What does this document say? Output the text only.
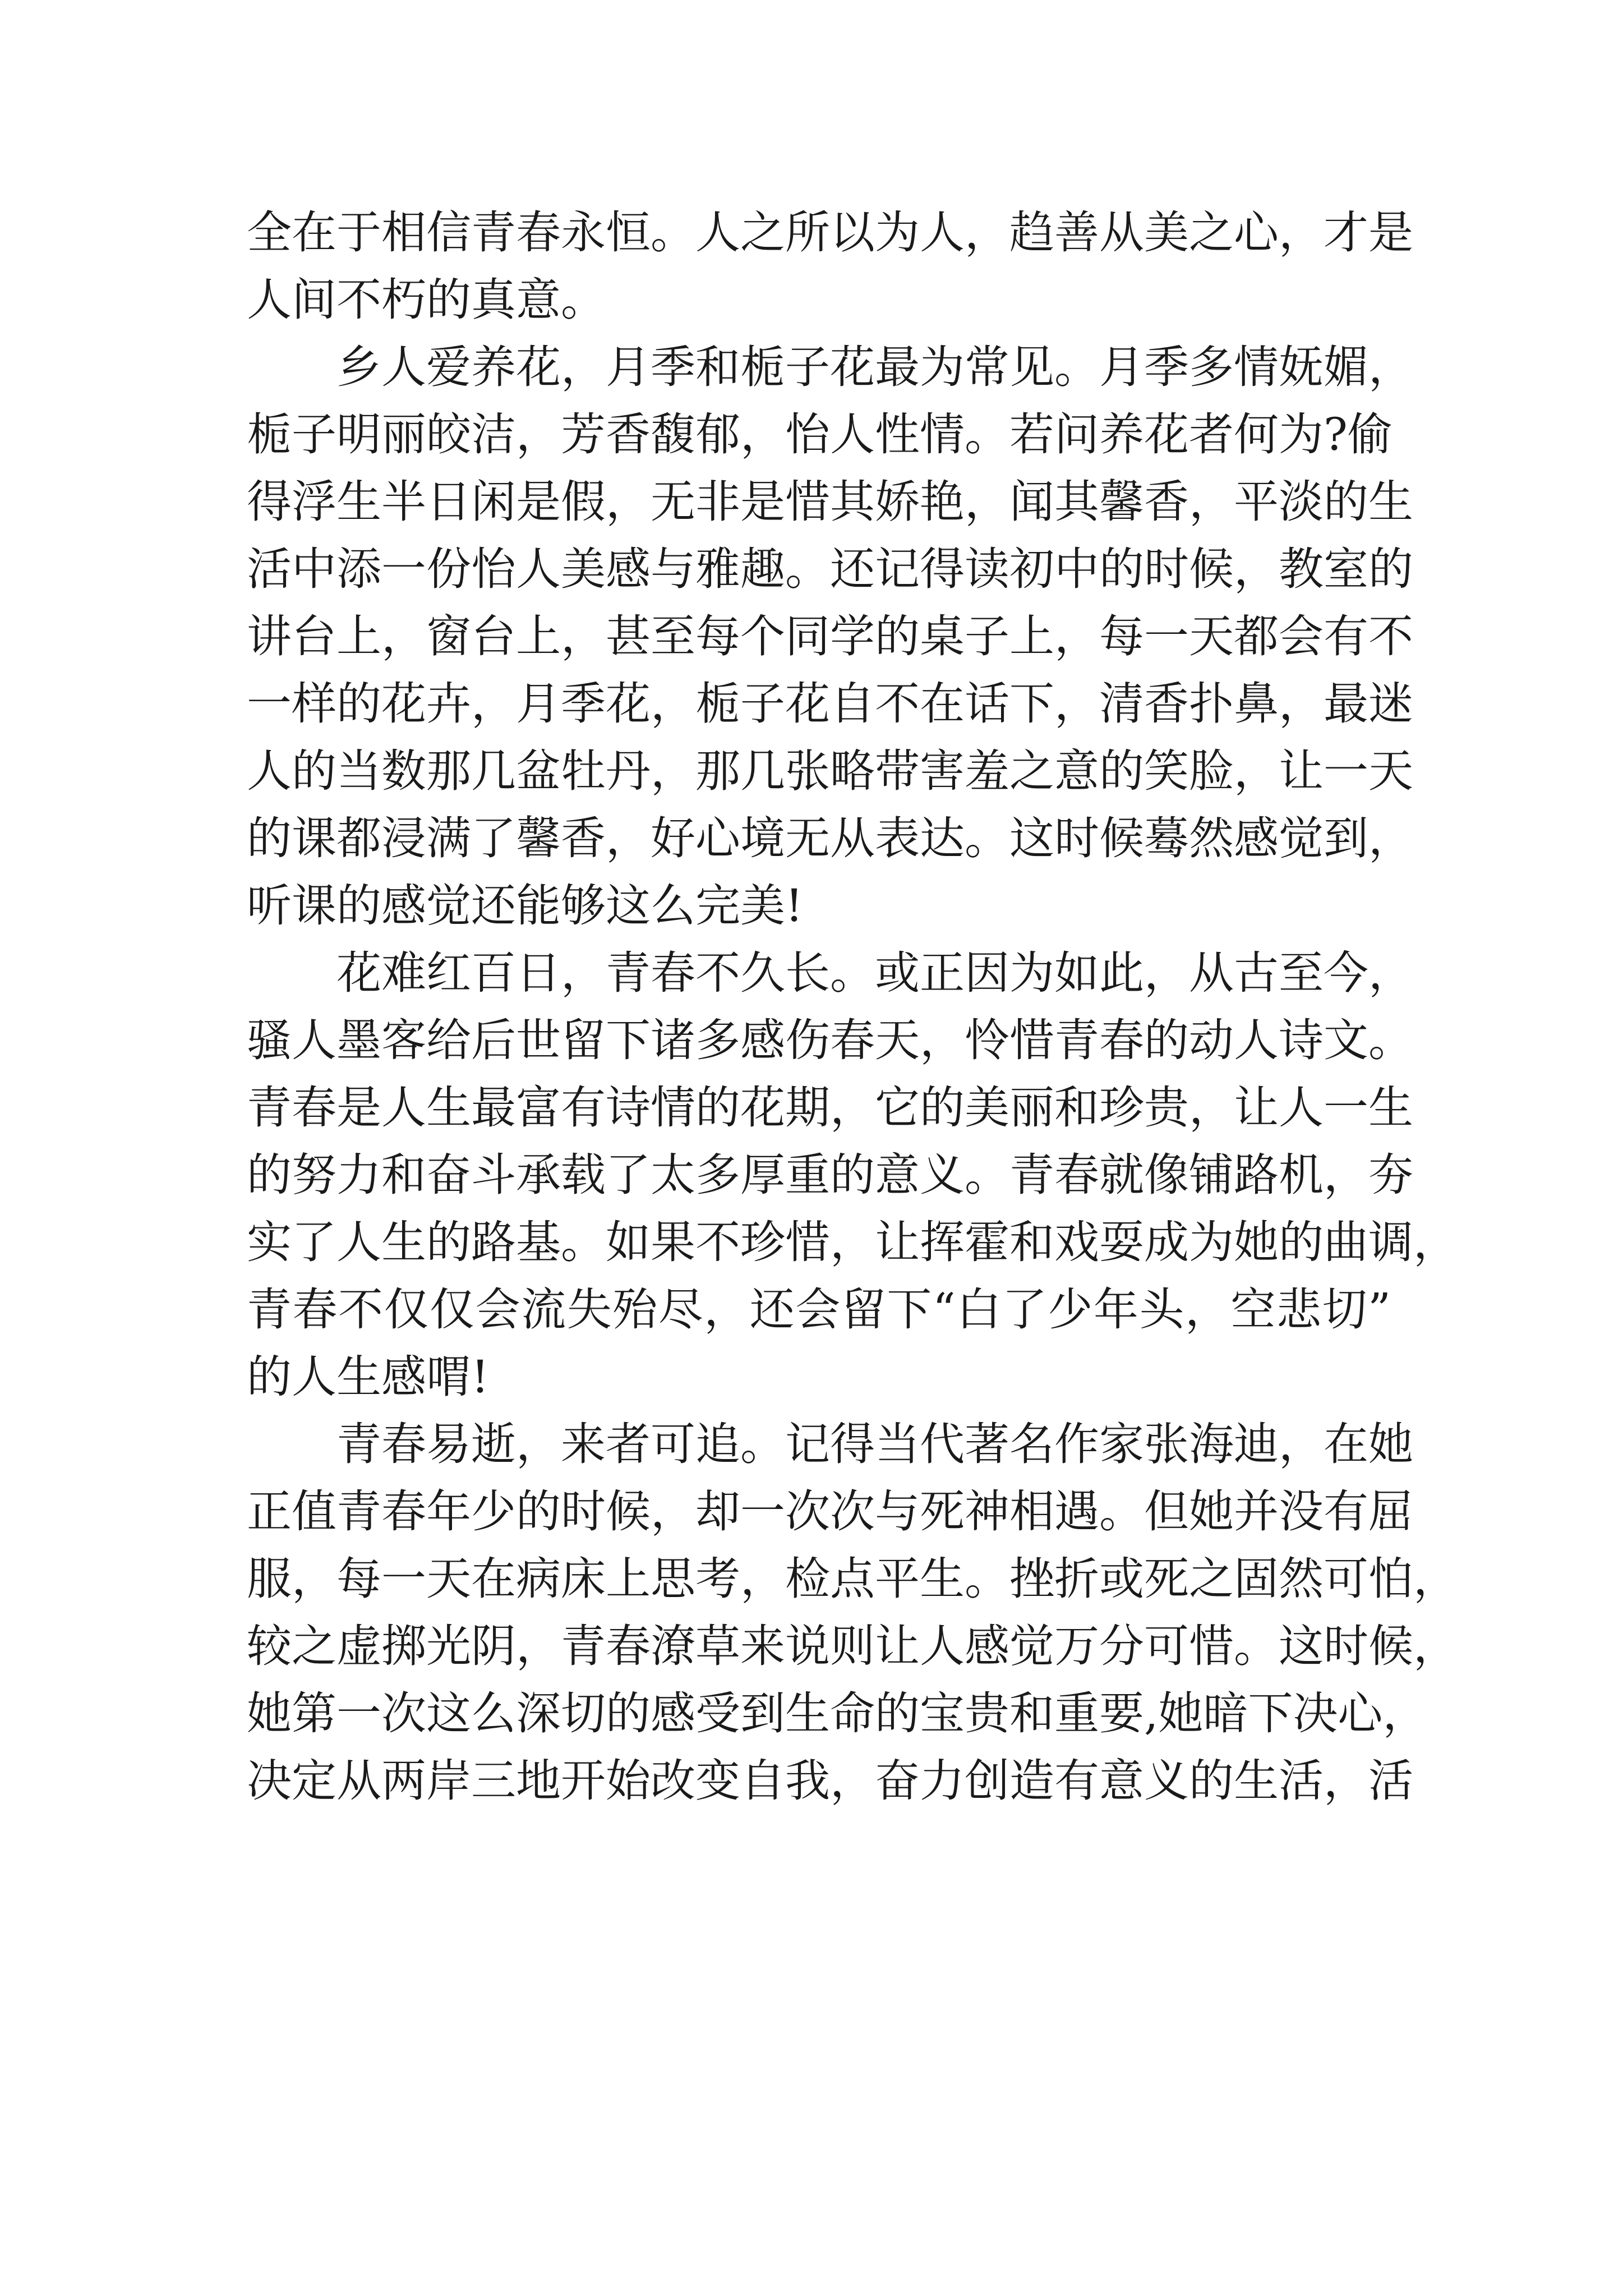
全在于相信青春永恒。人之所以为人，趋善从美之心，才是
人间不朽的真意。
乡人爱养花，月季和栀子花最为常见。月季多情妩媚，
栀子明丽皎洁，芳香馥郁，怡人性情。若问养花者何为?偷
得浮生半日闲是假，无非是惜其娇艳，闻其馨香，平淡的生
活中添一份怡人美感与雅趣。还记得读初中的时候，教室的
讲台上，窗台上，甚至每个同学的桌子上，每一天都会有不
一样的花卉，月季花，栀子花自不在话下，清香扑鼻，最迷
人的当数那几盆牡丹，那几张略带害羞之意的笑脸，让一天
的课都浸满了馨香，好心境无从表达。这时候蓦然感觉到，
听课的感觉还能够这么完美!
花难红百日，青春不久长。或正因为如此，从古至今，
骚人墨客给后世留下诸多感伤春天，怜惜青春的动人诗文。
青春是人生最富有诗情的花期，它的美丽和珍贵，让人一生
的努力和奋斗承载了太多厚重的意义。青春就像铺路机，夯
实了人生的路基。如果不珍惜，让挥霍和戏耍成为她的曲调，
青春不仅仅会流失殆尽，还会留下“白了少年头，空悲切”
的人生感喟!
青春易逝，来者可追。记得当代著名作家张海迪，在她
正值青春年少的时候，却一次次与死神相遇。但她并没有屈
服，每一天在病床上思考，检点平生。挫折或死之固然可怕，
较之虚掷光阴，青春潦草来说则让人感觉万分可惜。这时候，
她第一次这么深切的感受到生命的宝贵和重要,她暗下决心，
决定从两岸三地开始改变自我，奋力创造有意义的生活，活
